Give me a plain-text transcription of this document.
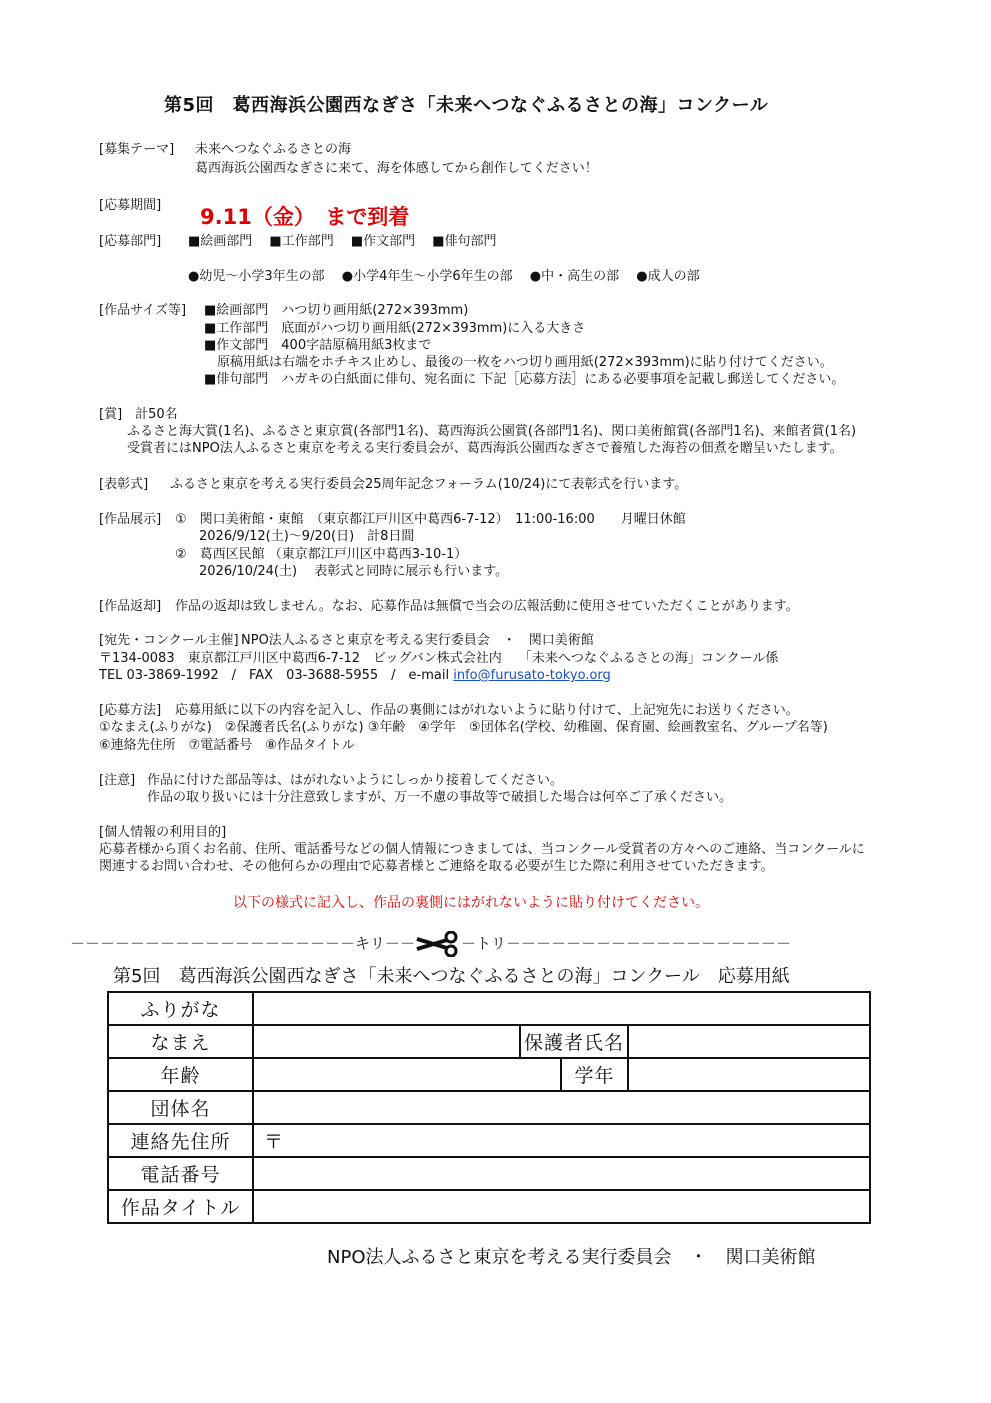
第5回　葛西海浜公園西なぎさ「未来へつなぐふるさとの海」コンクール
[募集テーマ] 未来へつなぐふるさとの海
葛西海浜公園西なぎさに来て、海を体感してから創作してください！
[応募期間] 9.11（金）　まで到着
[応募部門] ■絵画部門　 ■工作部門　 ■作文部門　 ■俳句部門
●幼児～小学3年生の部　 ●小学4年生～小学6年生の部　 ●中・高生の部　 ●成人の部
[作品サイズ等] ■絵画部門　ハつ切り画用紙(272×393mm)
■工作部門　底面がハつ切り画用紙(272×393mm)に入る大きさ
■作文部門　400字詰原稿用紙3枚まで
　原稿用紙は右端をホチキス止めし、最後の一枚をハつ切り画用紙(272×393mm)に貼り付けてください。
■俳句部門　ハガキの白紙面に俳句、宛名面に 下記［応募方法］にある必要事項を記載し郵送してください。
[賞]　計50名
ふるさと海大賞(1名)、ふるさと東京賞(各部門1名)、葛西海浜公園賞(各部門1名)、関口美術館賞(各部門1名)、来館者賞(1名)
受賞者にはNPO法人ふるさと東京を考える実行委員会が、葛西海浜公園西なぎさで養殖した海苔の佃煮を贈呈いたします。
[表彰式] ふるさと東京を考える実行委員会25周年記念フォーラム(10/24)にて表彰式を行います。
[作品展示] ①　関口美術館・東館　（東京都江戸川区中葛西6-7-12）　11:00-16:00　　月曜日休館
2026/9/12(土)～9/20(日)　計8日間
②　葛西区民館 （東京都江戸川区中葛西3-10-1）
2026/10/24(土)　 表彰式と同時に展示も行います。
[作品返却] 作品の返却は致しません。なお、応募作品は無償で当会の広報活動に使用させていただくことがあります。
[宛先・コンクール主催] NPO法人ふるさと東京を考える実行委員会　・　関口美術館
〒134-0083　東京都江戸川区中葛西6-7-12　ビッグバン株式会社内　 「未来へつなぐふるさとの海」コンクール係
TEL 03-3869-1992　/　FAX　03-3688-5955　/　e-mail info@furusato-tokyo.org
[応募方法] 応募用紙に以下の内容を記入し、作品の裏側にはがれないように貼り付けて、上記宛先にお送りください。
①なまえ(ふりがな)　②保護者氏名(ふりがな) ③年齢　④学年　⑤団体名(学校、幼稚園、保育園、絵画教室名、グループ名等)
⑥連絡先住所　⑦電話番号　⑧作品タイトル
[注意] 作品に付けた部品等は、はがれないようにしっかり接着してください。
作品の取り扱いには十分注意致しますが、万一不慮の事故等で破損した場合は何卒ご了承ください。
[個人情報の利用目的]
応募者様から頂くお名前、住所、電話番号などの個人情報につきましては、当コンクール受賞者の方々へのご連絡、当コンクールに
関連するお問い合わせ、その他何らかの理由で応募者様とご連絡を取る必要が生じた際に利用させていただきます。
以下の様式に記入し、作品の裏側にはがれないように貼り付けてください。
－－－－－－－－－－－－－－－－－－－キリ－－	－トリ－－－－－－－－－－－－－－－－－－－
第5回　葛西海浜公園西なぎさ「未来へつなぐふるさとの海」コンクール　応募用紙
ふりがな				
なまえ		保護者氏名		
年齢			学年	
団体名				
連絡先住所	〒			
電話番号				
作品タイトル				
NPO法人ふるさと東京を考える実行委員会　・　関口美術館
